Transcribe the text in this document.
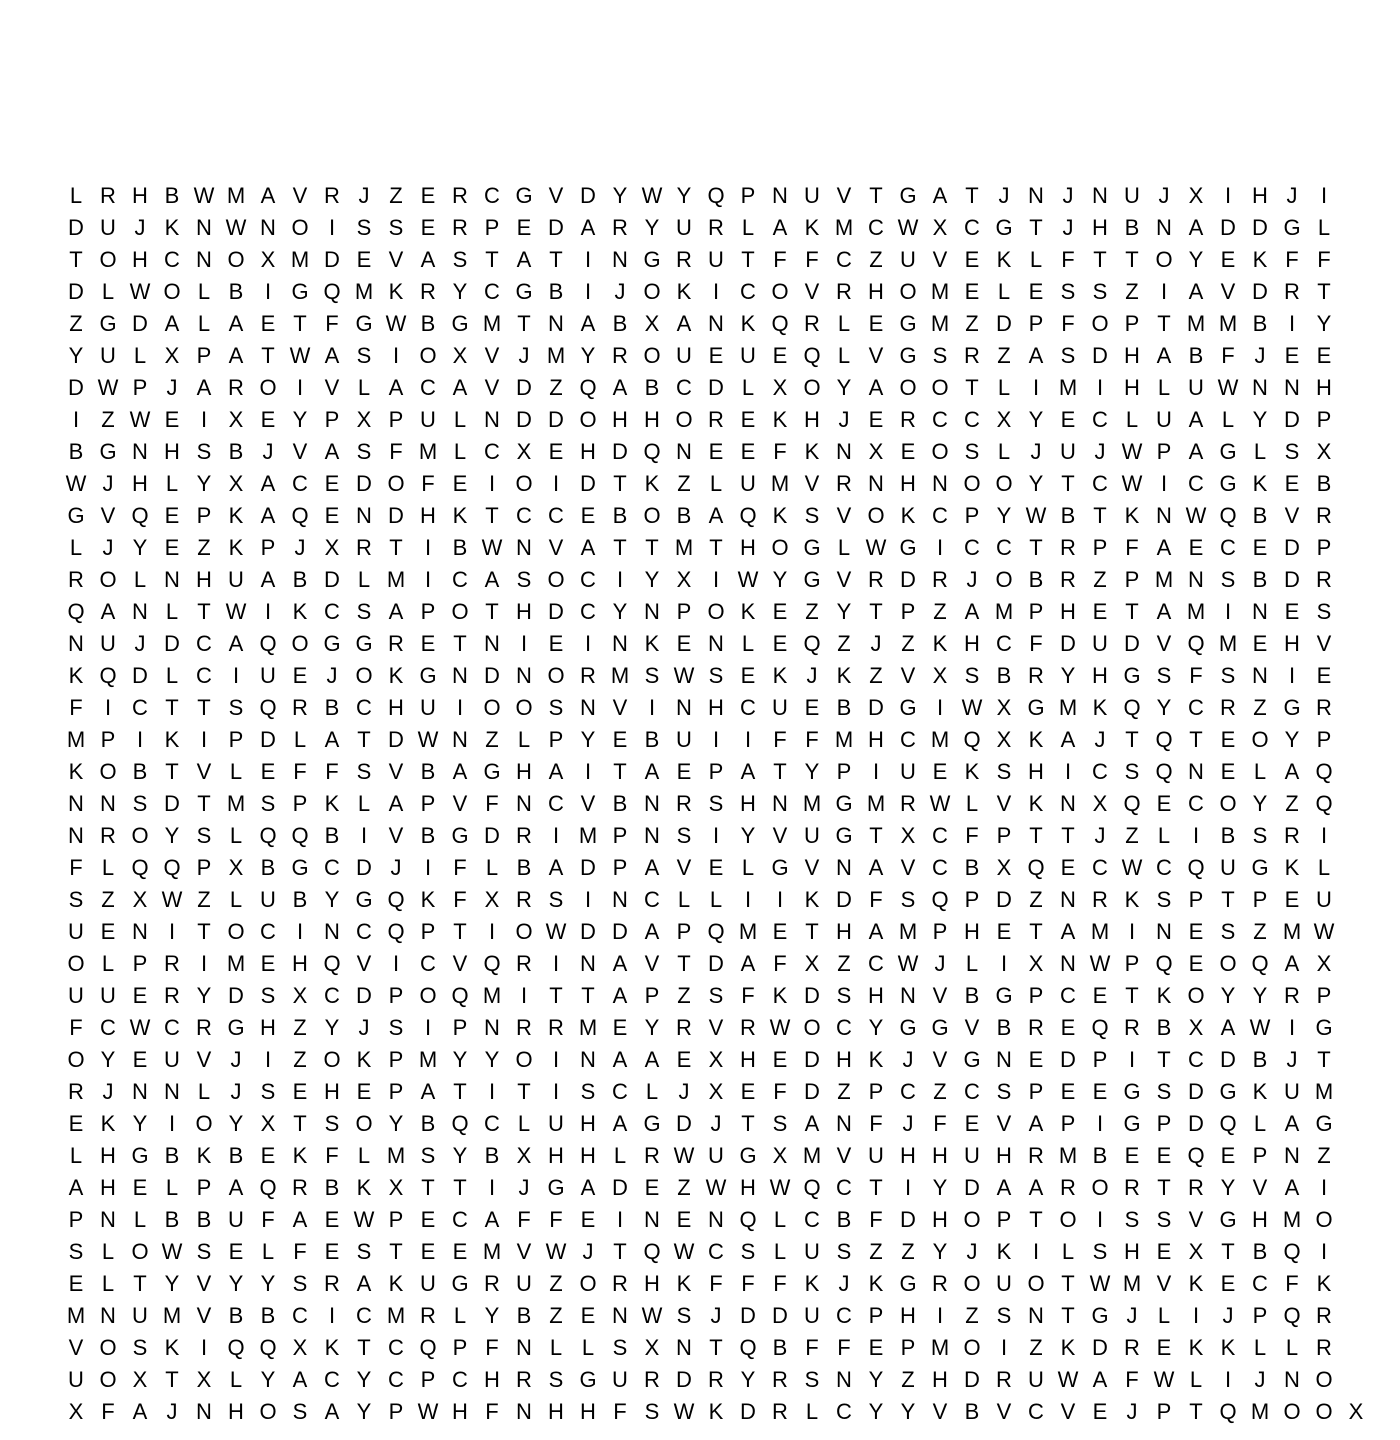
L R H B W M A V R J Z E R C G V D Y W Y Q P N U V T G A T J N J N U J X I H J	I
D U J K N W N O I S S E R P E D A R Y U R L A K M C W X C G T J H B N A D D G L
T O H C N O X M D E V A S T A T	I N G R U T F F C Z U V E K L F T T O Y E K F F
D L W O L B I G Q M K R Y C G B I	J O K I C O V R H O M E L E S S Z	I A V D R T
Z G D A L A E T F G W B G M T N A B X A N K Q R L E G M Z D P F O P T M M B I Y
Y U L X P A T W A S I O X V J M Y R O U E U E Q L V G S R Z A S D H A B F J E E
D W P J A R O I V L A C A V D Z Q A B C D L X O Y A O O T L	I M I H L U W N N H
I	Z W E I X E Y P X P U L N D D O H H O R E K H J E R C C X Y E C L U A L Y D P
B G N H S B J V A S F M L C X E H D Q N E E F K N X E O S L J U J W P A G L S X
W J H L Y X A C E D O F E I O I D T K Z L U M V R N H N O O Y T C W I C G K E B
G V Q E P K A Q E N D H K T C C E B O B A Q K S V O K C P Y W B T K N W Q B V R
L J Y E Z K P J X R T	I B W N V A T T M T H O G L W G I C C T R P F A E C E D P
R O L N H U A B D L M I C A S O C I Y X I W Y G V R D R J O B R Z P M N S B D R
Q A N L T W I K C S A P O T H D C Y N P O K E Z Y T P Z A M P H E T A M I N E S
N U J D C A Q O G G R E T N I E I N K E N L E Q Z J Z K H C F D U D V Q M E H V
K Q D L C I U E J O K G N D N O R M S W S E K J K Z V X S B R Y H G S F S N I E
F	I C T T S Q R B C H U I O O S N V I N H C U E B D G I W X G M K Q Y C R Z G R
M P I K I P D L A T D W N Z L P Y E B U I	I	F F M H C M Q X K A J T Q T E O Y P
K O B T V L E F F S V B A G H A I	T A E P A T Y P I U E K S H I C S Q N E L A Q
N N S D T M S P K L A P V F N C V B N R S H N M G M R W L V K N X Q E C O Y Z Q
N R O Y S L Q Q B I V B G D R I M P N S I Y V U G T X C F P T T J Z L	I B S R I
F L Q Q P X B G C D J	I	F L B A D P A V E L G V N A V C B X Q E C W C Q U G K L
S Z X W Z L U B Y G Q K F X R S I N C L L	I	I K D F S Q P D Z N R K S P T P E U
U E N I	T O C I N C Q P T	I O W D D A P Q M E T H A M P H E T A M I N E S Z M W
O L P R I M E H Q V I C V Q R I N A V T D A F X Z C W J L	I X N W P Q E O Q A X
U U E R Y D S X C D P O Q M I	T T A P Z S F K D S H N V B G P C E T K O Y Y R P
F C W C R G H Z Y J S I P N R R M E Y R V R W O C Y G G V B R E Q R B X A W I G
O Y E U V J	I	Z O K P M Y Y O I N A A E X H E D H K J V G N E D P I	T C D B J T
R J N N L J S E H E P A T	I	T	I S C L J X E F D Z P C Z C S P E E G S D G K U M
E K Y I O Y X T S O Y B Q C L U H A G D J T S A N F J F E V A P I G P D Q L A G
L H G B K B E K F L M S Y B X H H L R W U G X M V U H H U H R M B E E Q E P N Z
A H E L P A Q R B K X T T	I	J G A D E Z W H W Q C T	I Y D A A R O R T R Y V A I
P N L B B U F A E W P E C A F F E I N E N Q L C B F D H O P T O I S S V G H M O
S L O W S E L F E S T E E M V W J T Q W C S L U S Z Z Y J K I	L S H E X T B Q I
E L T Y V Y Y S R A K U G R U Z O R H K F F F K J K G R O U O T W M V K E C F K
M N U M V B B C I C M R L Y B Z E N W S J D D U C P H I	Z S N T G J L	I	J P Q R
V O S K I Q Q X K T C Q P F N L L S X N T Q B F F E P M O I	Z K D R E K K L L R
U O X T X L Y A C Y C P C H R S G U R D R Y R S N Y Z H D R U W A F W L	I	J N O
X F A J N H O S A Y P W H F N H H F S W K D R L C Y Y V B V C V E J P T Q M O O X
